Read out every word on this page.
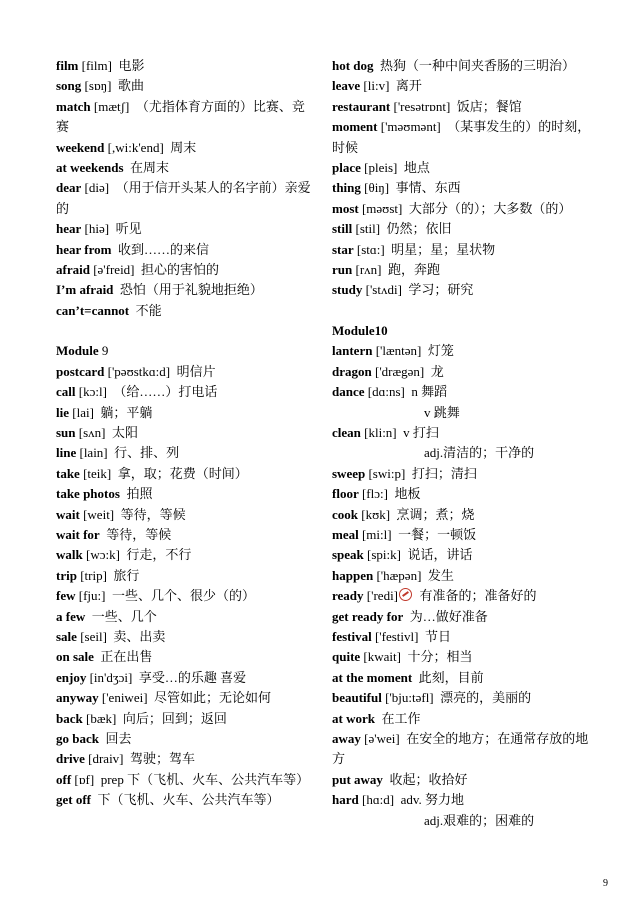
film [film] 电影
song [sɒŋ] 歌曲
match [mætʃ] （尤指体育方面的）比赛、竞赛
weekend [,wi:k'end] 周末
at weekends 在周末
dear [diə] （用于信开头某人的名字前）亲爱的
hear [hiə] 听见
hear from 收到……的来信
afraid [ə'freid] 担心的害怕的
I’m afraid 恐怕（用于礼貌地拒绝）
can’t=cannot 不能
Module 9
postcard ['pəʊstkɑ:d] 明信片
call [kɔ:l] （给……）打电话
lie [lai] 躺；平躺
sun [sʌn] 太阳
line [lain] 行、排、列
take [teik] 拿，取；花费（时间）
take photos 拍照
wait [weit] 等待，等候
wait for 等待，等候
walk [wɔ:k] 行走，不行
trip [trip] 旅行
few [fju:] 一些、几个、很少（的）
a few 一些、几个
sale [seil] 卖、出卖
on sale 正在出售
enjoy [in'dʒɔi] 享受…的乐趣 喜爱
anyway ['eniwei] 尽管如此；无论如何
back [bæk] 向后；回到；返回
go back 回去
drive [draiv] 驾驶；驾车
off [ɒf] prep 下（飞机、火车、公共汽车等）
get off 下（飞机、火车、公共汽车等）
hot dog 热狗（一种中间夹香肠的三明治）
leave [li:v] 离开
restaurant ['resətrɒnt] 饭店；餐馆
moment ['məʊmənt] （某事发生的）的时刻，时候
place [pleis] 地点
thing [θiŋ] 事情、东西
most [məʊst] 大部分（的）；大多数（的）
still [stil] 仍然；依旧
star [stɑ:] 明星；星；星状物
run [rʌn] 跑，奔跑
study ['stʌdi] 学习；研究
Module10
lantern ['læntən] 灯笼
dragon ['drægən] 龙
dance [dɑ:ns] n 舞蹈
v 跳舞
clean [kli:n] v 打扫
adj.清洁的；干净的
sweep [swi:p] 打扫；清扫
floor [flɔ:] 地板
cook [kʊk] 烹调；煮；烧
meal [mi:l] 一餐；一顿饭
speak [spi:k] 说话，讲话
happen ['hæpən] 发生
ready ['redi] 有准备的；准备好的
get ready for 为…做好准备
festival ['festivl] 节日
quite [kwait] 十分；相当
at the moment 此刻，目前
beautiful ['bju:təfl] 漂亮的，美丽的
at work 在工作
away [ə'wei] 在安全的地方；在通常存放的地方
put away 收起；收拾好
hard [hɑ:d] adv. 努力地
adj.艰难的；困难的
9
